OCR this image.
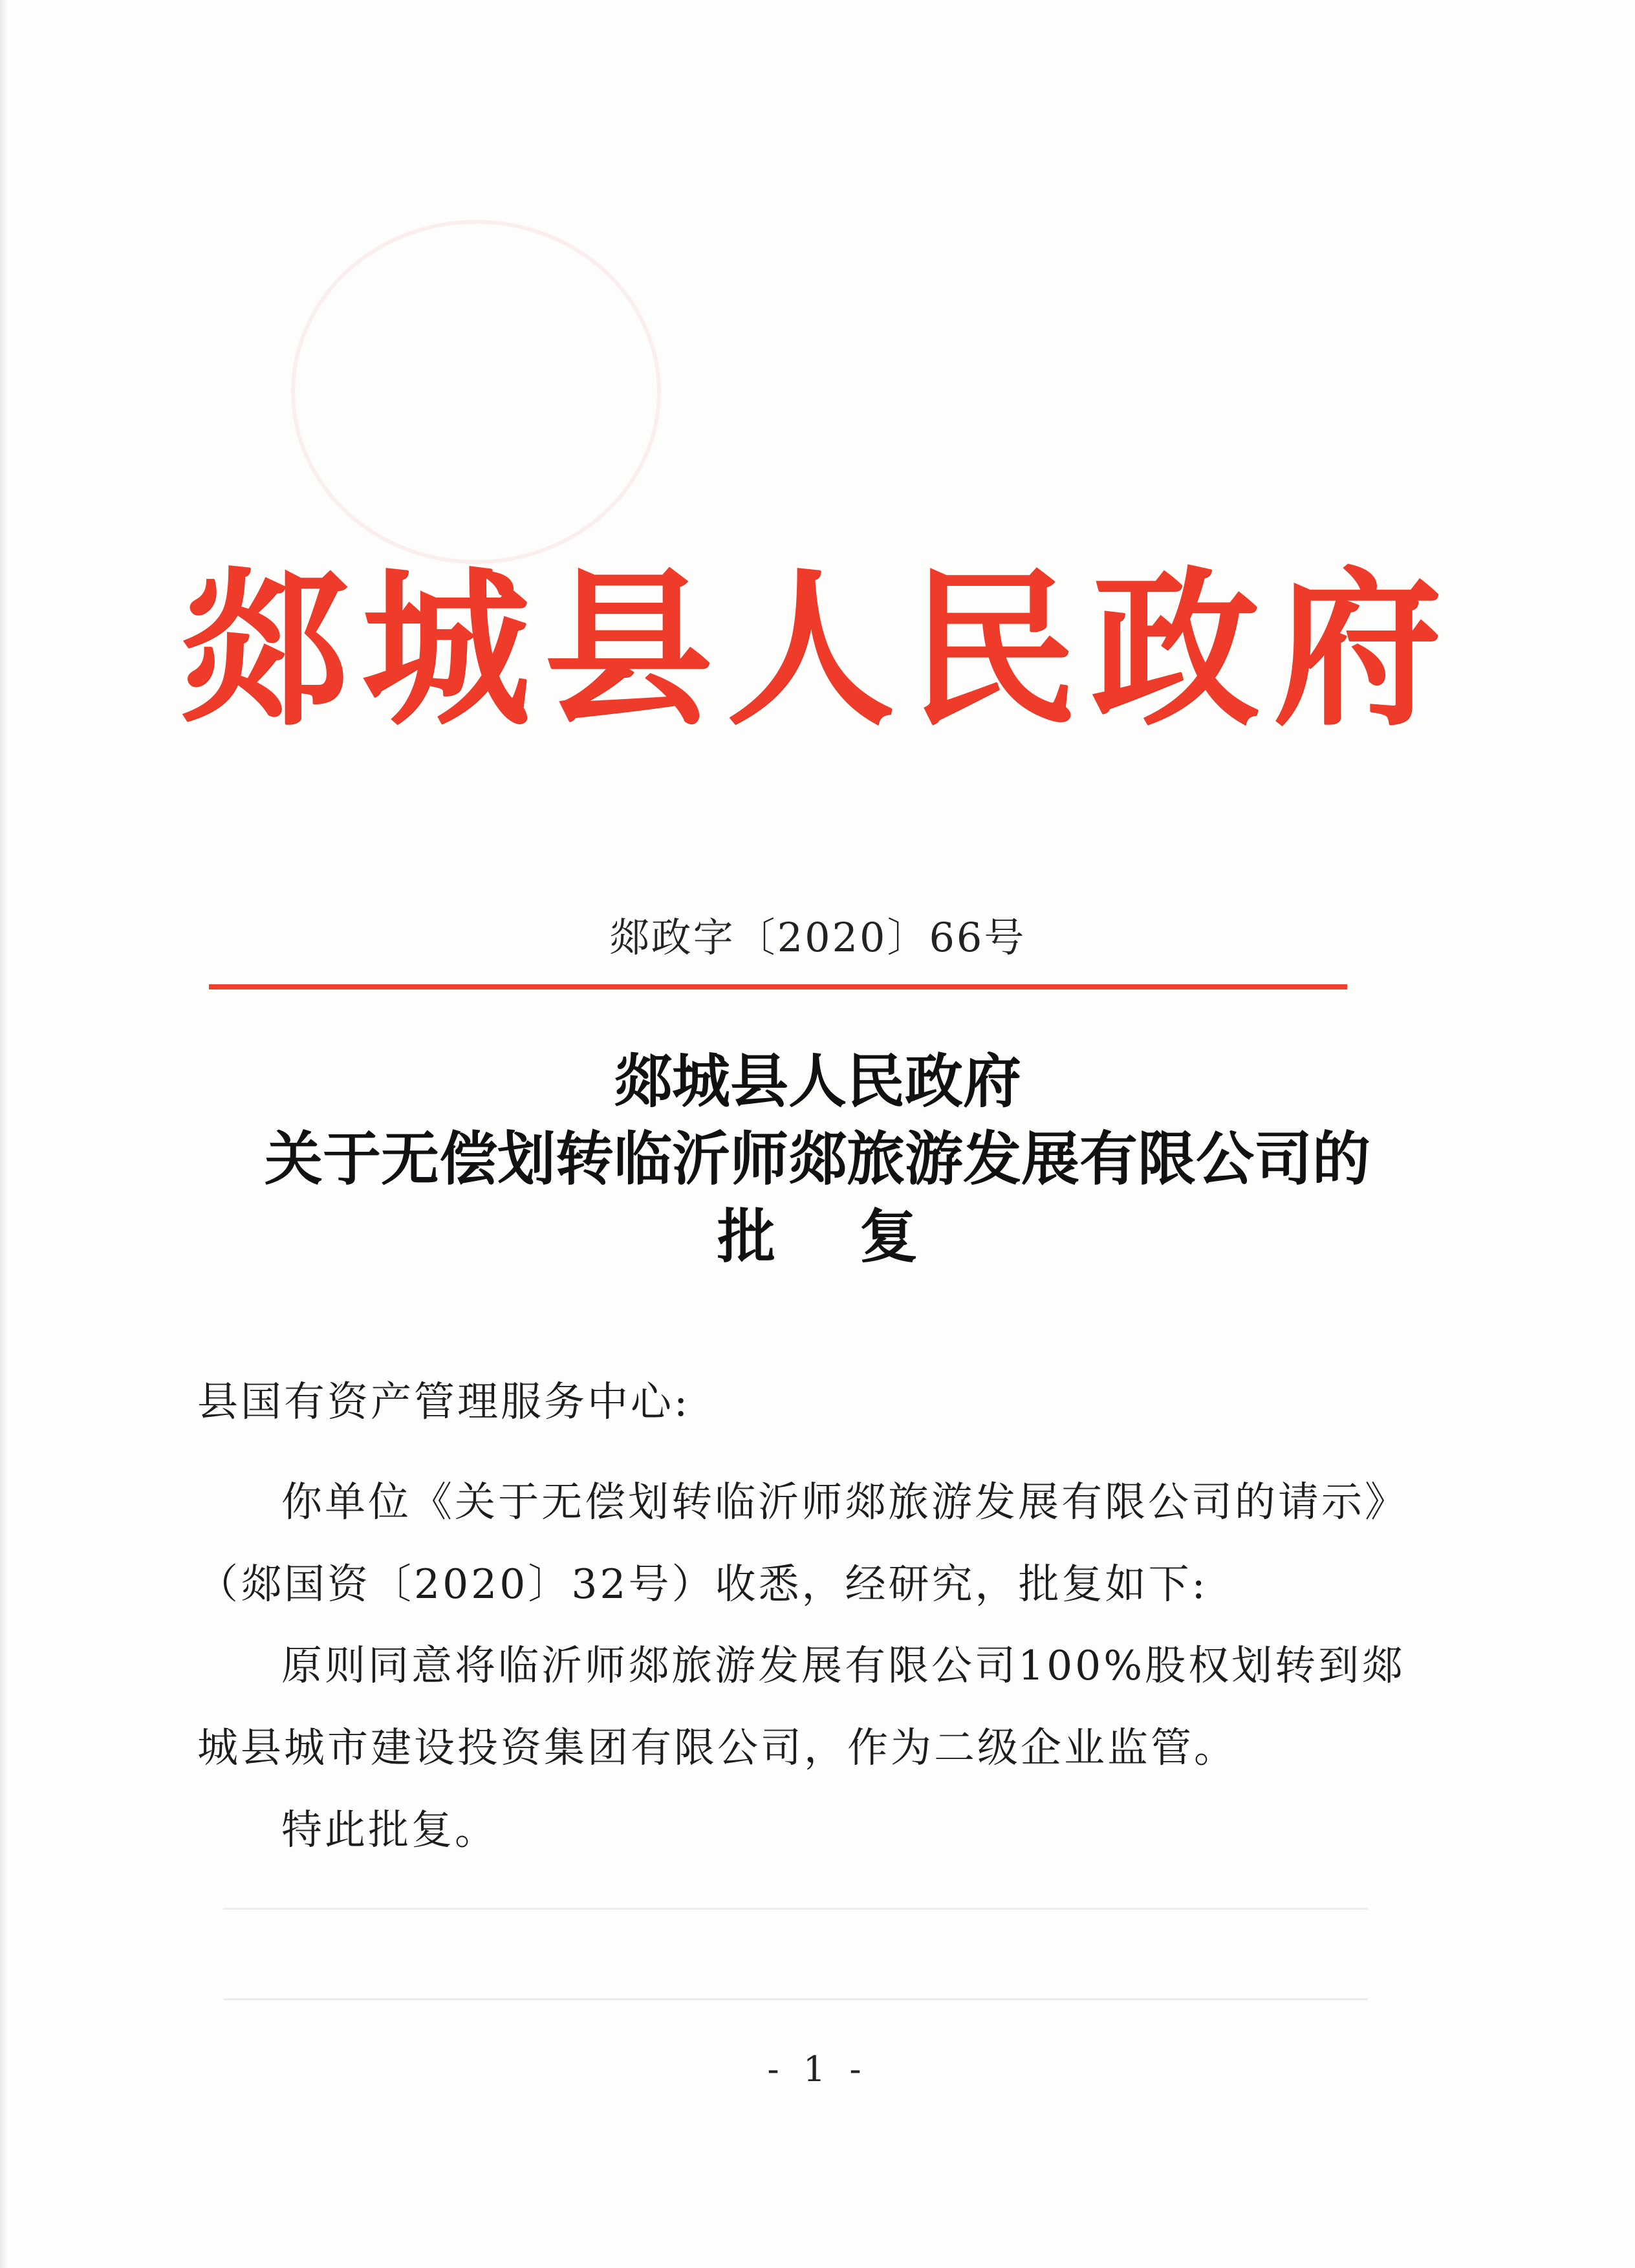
郯城县人民政府
郯政字〔2020〕66号
郯城县人民政府
关于无偿划转临沂师郯旅游发展有限公司的
批复
县国有资产管理服务中心:
你单位《关于无偿划转临沂师郯旅游发展有限公司的请示》
（郯国资〔2020〕32号）收悉，经研究，批复如下:
原则同意将临沂师郯旅游发展有限公司100%股权划转到郯
城县城市建设投资集团有限公司，作为二级企业监管。
特此批复。
- 1 -
